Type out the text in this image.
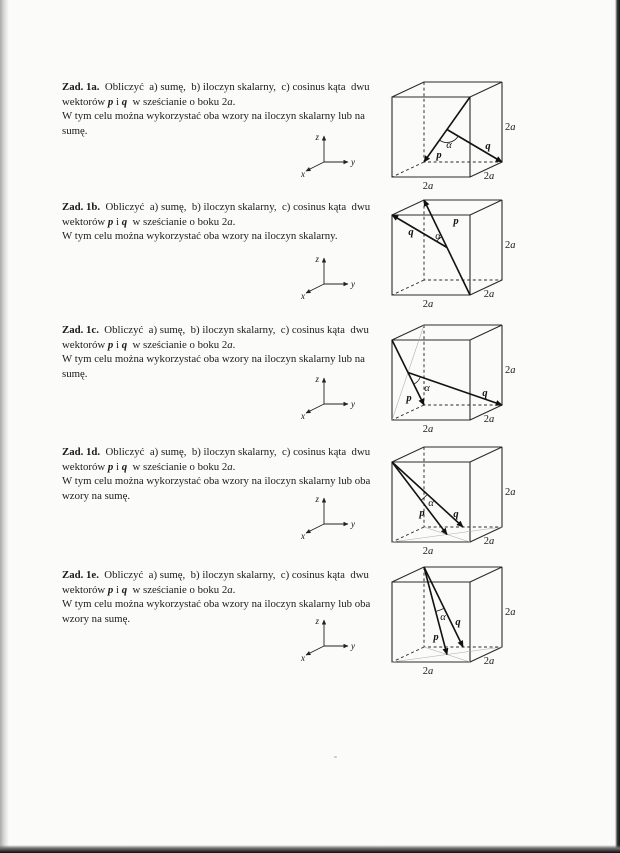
Zad. 1a.  Obliczyć  a) sumę,  b) iloczyn skalarny,  c) cosinus kąta  dwu
wektorów p i q  w sześcianie o boku 2a.
W tym celu można wykorzystać oba wzory na iloczyn skalarny lub na
sumę.
z
y
x
p
q
α
2a
2a
2a
Zad. 1b.  Obliczyć  a) sumę,  b) iloczyn skalarny,  c) cosinus kąta  dwu
wektorów p i q  w sześcianie o boku 2a.
W tym celu można wykorzystać oba wzory na iloczyn skalarny.
z
y
x
p
q α
2a
2a
2a
Zad. 1c.  Obliczyć  a) sumę,  b) iloczyn skalarny,  c) cosinus kąta  dwu
wektorów p i q  w sześcianie o boku 2a.
W tym celu można wykorzystać oba wzory na iloczyn skalarny lub na
sumę.	z
y
x
p	q
α
2a
2a
2a
Zad. 1d.  Obliczyć  a) sumę,  b) iloczyn skalarny,  c) cosinus kąta  dwu
wektorów p i q  w sześcianie o boku 2a.
W tym celu można wykorzystać oba wzory na iloczyn skalarny lub oba
wzory na sumę.	z
y
x
p	q
α
2a
2a
2a
Zad. 1e.  Obliczyć  a) sumę,  b) iloczyn skalarny,  c) cosinus kąta  dwu
wektorów p i q  w sześcianie o boku 2a.
W tym celu można wykorzystać oba wzory na iloczyn skalarny lub oba
wzory na sumę.	z
y
x
p
q
α
2a
2a
2a
